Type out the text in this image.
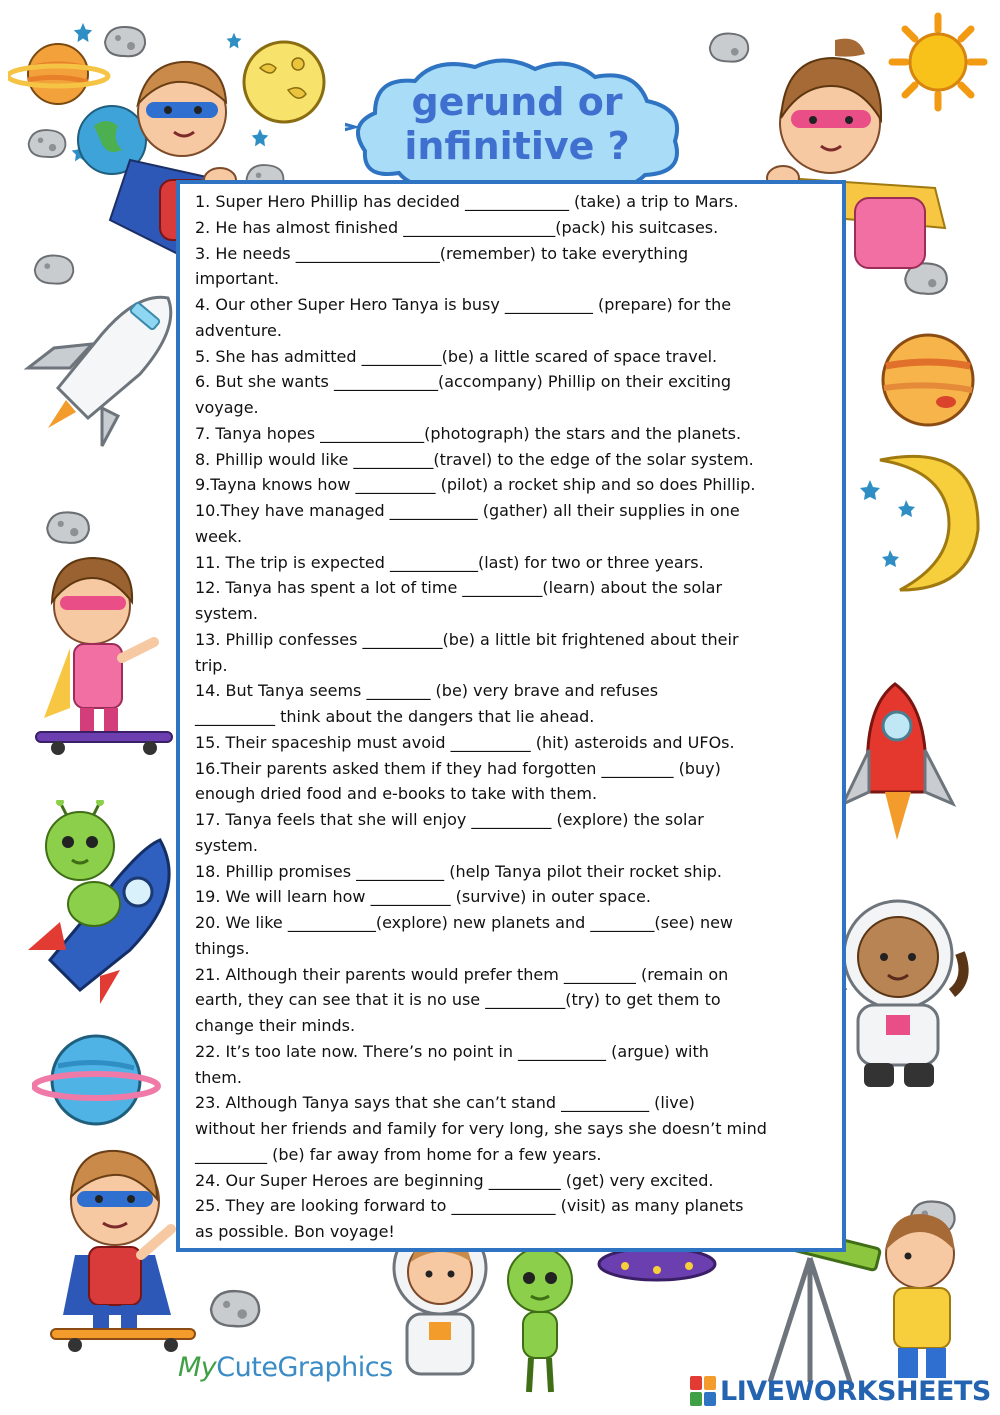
gerund or
infinitive ?
1. Super Hero Phillip has decided _____________ (take) a trip to Mars.
2. He has almost finished ___________________(pack) his suitcases.
3. He needs __________________(remember) to take everything
important.
4. Our other Super Hero Tanya is busy ___________ (prepare) for the
adventure.
5. She has admitted __________(be) a little scared of space travel.
6. But she wants _____________(accompany) Phillip on their exciting
voyage.
7. Tanya hopes _____________(photograph) the stars and the planets.
8. Phillip would like __________(travel) to the edge of the solar system.
9.Tayna knows how __________ (pilot) a rocket ship and so does Phillip.
10.They have managed ___________ (gather) all their supplies in one
week.
11. The trip is expected ___________(last) for two or three years.
12. Tanya has spent a lot of time __________(learn) about the solar
system.
13. Phillip confesses __________(be) a little bit frightened about their
trip.
14. But Tanya seems ________ (be) very brave and refuses
__________ think about the dangers that lie ahead.
15. Their spaceship must avoid __________ (hit) asteroids and UFOs.
16.Their parents asked them if they had forgotten _________ (buy)
enough dried food and e-books to take with them.
17. Tanya feels that she will enjoy __________ (explore) the solar
system.
18. Phillip promises ___________ (help Tanya pilot their rocket ship.
19. We will learn how __________ (survive) in outer space.
20. We like ___________(explore) new planets and ________(see) new
things.
21. Although their parents would prefer them _________ (remain on
earth, they can see that it is no use __________(try) to get them to
change their minds.
22. It’s too late now. There’s no point in ___________ (argue) with
them.
23. Although Tanya says that she can’t stand ___________ (live)
without her friends and family for very long, she says she doesn’t mind
_________ (be) far away from home for a few years.
24. Our Super Heroes are beginning _________ (get) very excited.
25. They are looking forward to _____________ (visit) as many planets
as possible. Bon voyage!
MyCuteGraphics
LIVEWORKSHEETS
